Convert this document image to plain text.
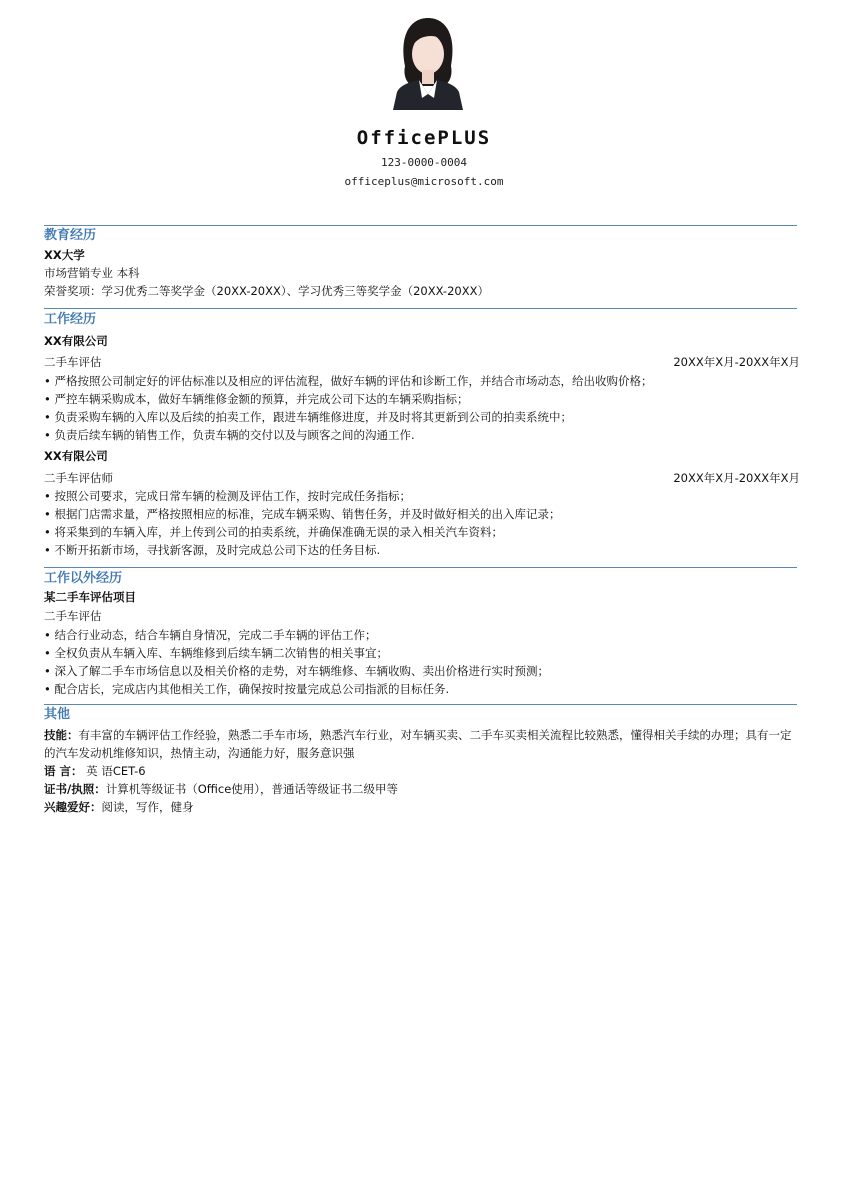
OfficePLUS
123-0000-0004
officeplus@microsoft.com
教育经历
XX大学
市场营销专业 本科
荣誉奖项：学习优秀二等奖学金（20XX-20XX）、学习优秀三等奖学金（20XX-20XX）
工作经历
XX有限公司
二手车评估	20XX年X月-20XX年X月
• 严格按照公司制定好的评估标准以及相应的评估流程，做好车辆的评估和诊断工作，并结合市场动态，给出收购价格；
• 严控车辆采购成本，做好车辆维修金额的预算，并完成公司下达的车辆采购指标；
• 负责采购车辆的入库以及后续的拍卖工作，跟进车辆维修进度，并及时将其更新到公司的拍卖系统中；
• 负责后续车辆的销售工作，负责车辆的交付以及与顾客之间的沟通工作.
XX有限公司
二手车评估师	20XX年X月-20XX年X月
• 按照公司要求，完成日常车辆的检测及评估工作，按时完成任务指标；
• 根据门店需求量，严格按照相应的标准，完成车辆采购、销售任务，并及时做好相关的出入库记录；
• 将采集到的车辆入库，并上传到公司的拍卖系统，并确保准确无误的录入相关汽车资料；
• 不断开拓新市场，寻找新客源，及时完成总公司下达的任务目标.
工作以外经历
某二手车评估项目
二手车评估
• 结合行业动态，结合车辆自身情况，完成二手车辆的评估工作；
• 全权负责从车辆入库、车辆维修到后续车辆二次销售的相关事宜；
• 深入了解二手车市场信息以及相关价格的走势，对车辆维修、车辆收购、卖出价格进行实时预测；
• 配合店长，完成店内其他相关工作，确保按时按量完成总公司指派的目标任务.
其他
技能：有丰富的车辆评估工作经验，熟悉二手车市场，熟悉汽车行业，对车辆买卖、二手车买卖相关流程比较熟悉，懂得相关手续的办理；具有一定的汽车发动机维修知识，热情主动，沟通能力好，服务意识强
语 言： 英 语CET-6
证书/执照：计算机等级证书（Office使用），普通话等级证书二级甲等
兴趣爱好：阅读，写作，健身
